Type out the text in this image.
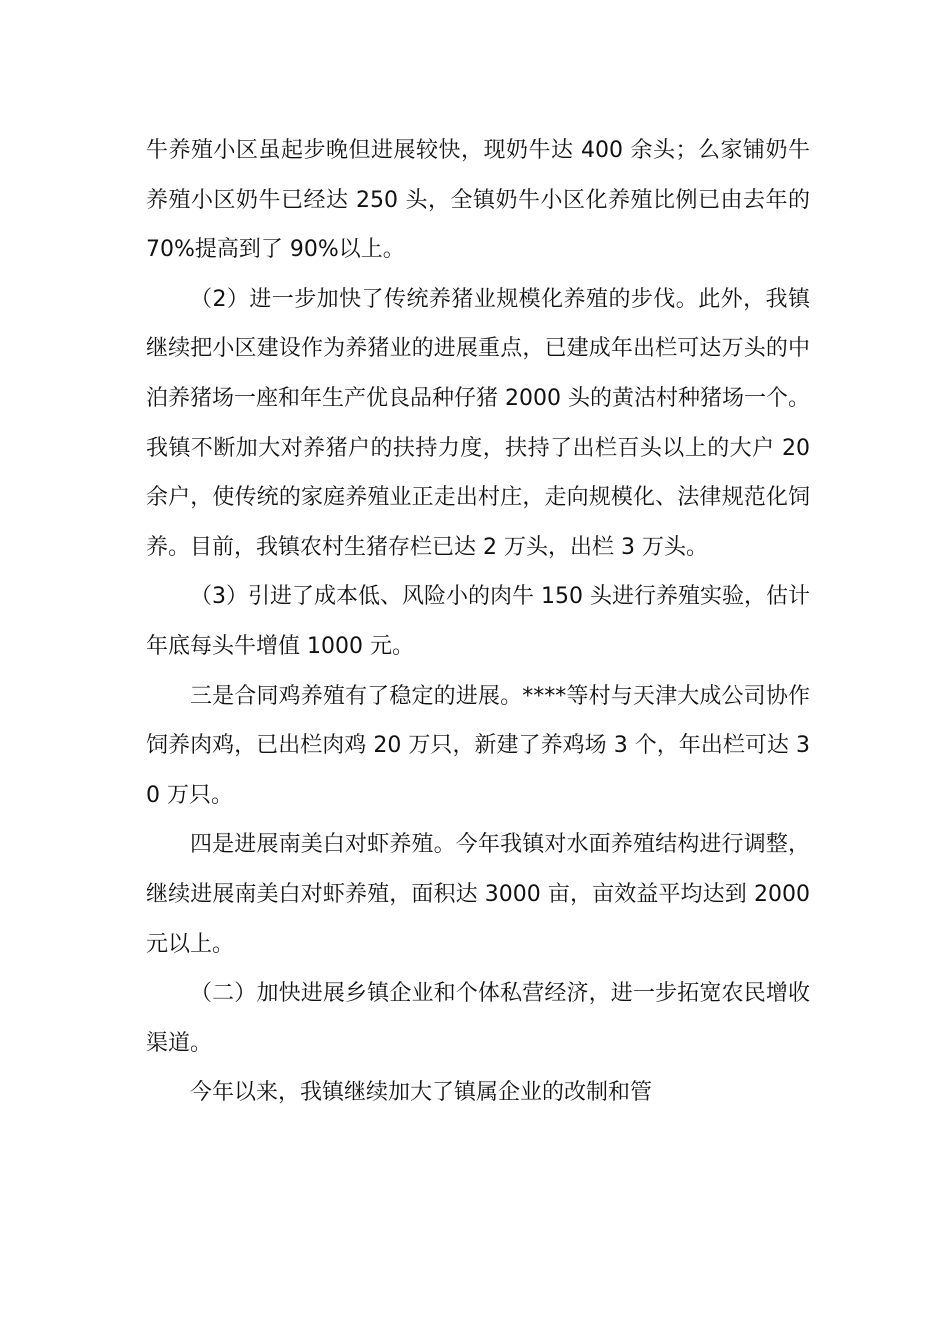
牛养殖小区虽起步晚但进展较快，现奶牛达 400 余头；么家铺奶牛养殖小区奶牛已经达 250 头，全镇奶牛小区化养殖比例已由去年的 70%提高到了 90%以上。

（2）进一步加快了传统养猪业规模化养殖的步伐。此外，我镇继续把小区建设作为养猪业的进展重点，已建成年出栏可达万头的中泊养猪场一座和年生产优良品种仔猪 2000 头的黄沽村种猪场一个。我镇不断加大对养猪户的扶持力度，扶持了出栏百头以上的大户 20 余户，使传统的家庭养殖业正走出村庄，走向规模化、法律规范化饲养。目前，我镇农村生猪存栏已达 2 万头，出栏 3 万头。

（3）引进了成本低、风险小的肉牛 150 头进行养殖实验，估计年底每头牛增值 1000 元。

三是合同鸡养殖有了稳定的进展。****等村与天津大成公司协作饲养肉鸡，已出栏肉鸡 20 万只，新建了养鸡场 3 个，年出栏可达 30 万只。

四是进展南美白对虾养殖。今年我镇对水面养殖结构进行调整，继续进展南美白对虾养殖，面积达 3000 亩，亩效益平均达到 2000 元以上。

（二）加快进展乡镇企业和个体私营经济，进一步拓宽农民增收渠道。

今年以来，我镇继续加大了镇属企业的改制和管
